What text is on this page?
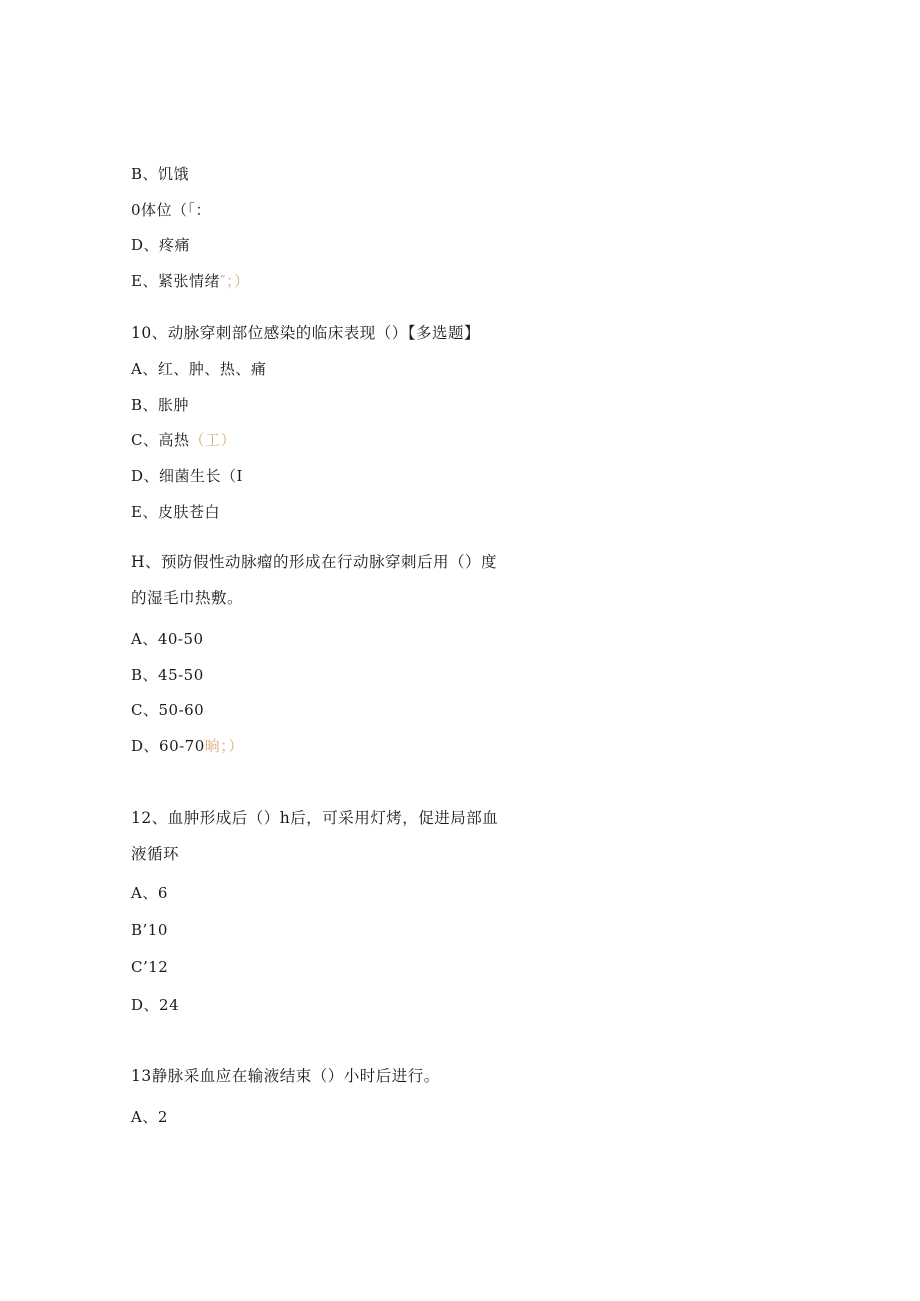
B、饥饿
0体位（「：
D、疼痛
E、紧张情绪″；）
10、动脉穿刺部位感染的临床表现（）【多选题】
A、红、肿、热、痛
B、胀肿
C、高热（工）
D、细菌生长（I
E、皮肤苍白
H、预防假性动脉瘤的形成在行动脉穿刺后用（）度
的湿毛巾热敷。
A、40-50
B、45-50
C、50-60
D、60-70晌；）
12、血肿形成后（）h后，可采用灯烤，促进局部血
液循环
A、6
B’10
C’12
D、24
13静脉采血应在输液结束（）小时后进行。
A、2
